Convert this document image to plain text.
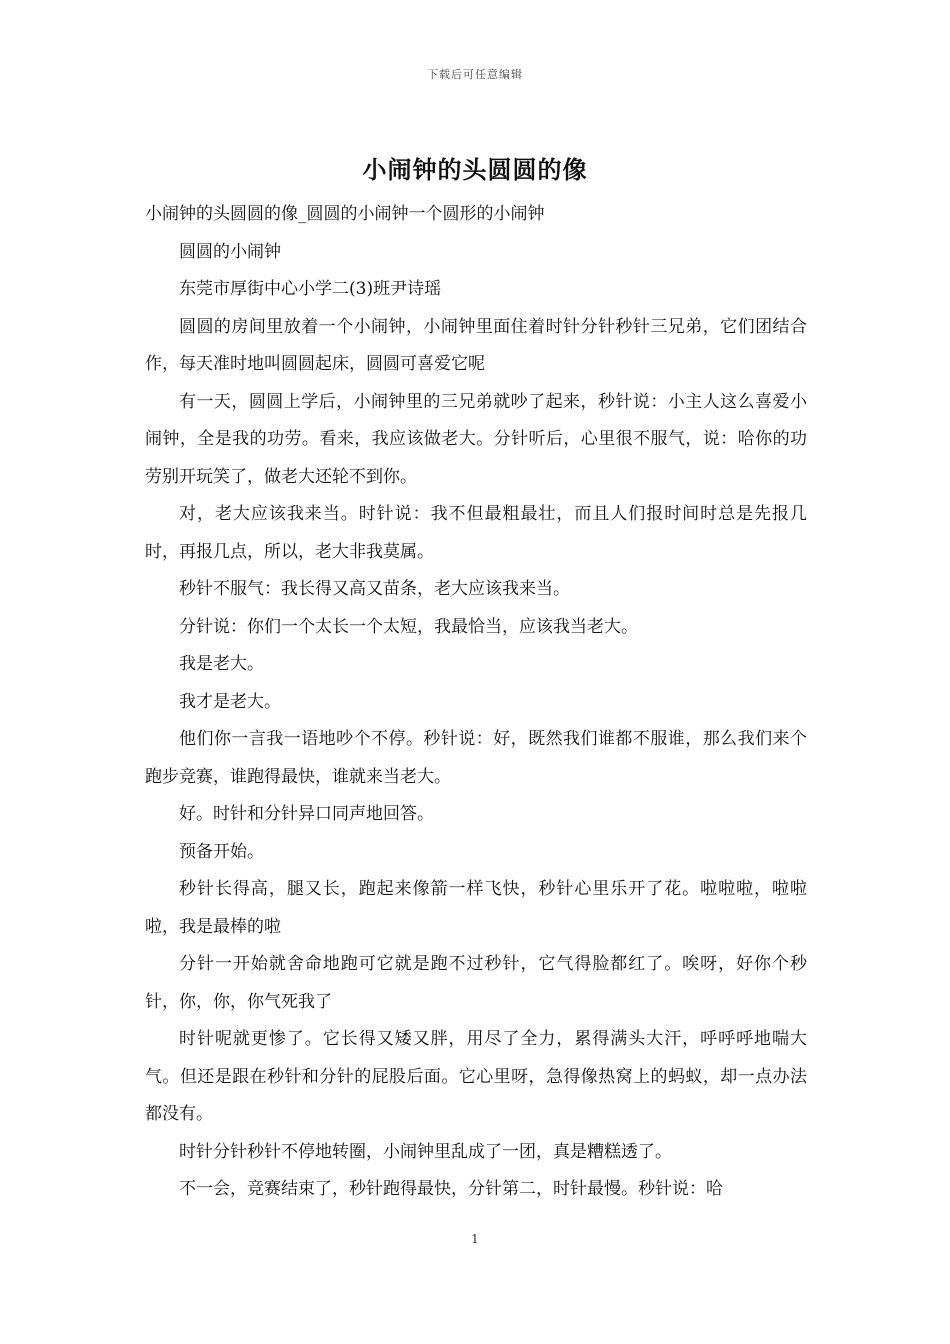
下载后可任意编辑
小闹钟的头圆圆的像

小闹钟的头圆圆的像_圆圆的小闹钟一个圆形的小闹钟

圆圆的小闹钟

东莞市厚街中心小学二(3)班尹诗瑶

圆圆的房间里放着一个小闹钟，小闹钟里面住着时针分针秒针三兄弟，它们团结合作，每天准时地叫圆圆起床，圆圆可喜爱它呢

有一天，圆圆上学后，小闹钟里的三兄弟就吵了起来，秒针说：小主人这么喜爱小闹钟，全是我的功劳。看来，我应该做老大。分针听后，心里很不服气，说：哈你的功劳别开玩笑了，做老大还轮不到你。

对，老大应该我来当。时针说：我不但最粗最壮，而且人们报时间时总是先报几时，再报几点，所以，老大非我莫属。

秒针不服气：我长得又高又苗条，老大应该我来当。

分针说：你们一个太长一个太短，我最恰当，应该我当老大。

我是老大。

我才是老大。

他们你一言我一语地吵个不停。秒针说：好，既然我们谁都不服谁，那么我们来个跑步竞赛，谁跑得最快，谁就来当老大。

好。时针和分针异口同声地回答。

预备开始。

秒针长得高，腿又长，跑起来像箭一样飞快，秒针心里乐开了花。啦啦啦，啦啦啦，我是最棒的啦

分针一开始就舍命地跑可它就是跑不过秒针，它气得脸都红了。唉呀，好你个秒针，你，你，你气死我了

时针呢就更惨了。它长得又矮又胖，用尽了全力，累得满头大汗，呼呼呼地喘大气。但还是跟在秒针和分针的屁股后面。它心里呀，急得像热窝上的蚂蚁，却一点办法都没有。

时针分针秒针不停地转圈，小闹钟里乱成了一团，真是糟糕透了。

不一会，竞赛结束了，秒针跑得最快，分针第二，时针最慢。秒针说：哈

1
